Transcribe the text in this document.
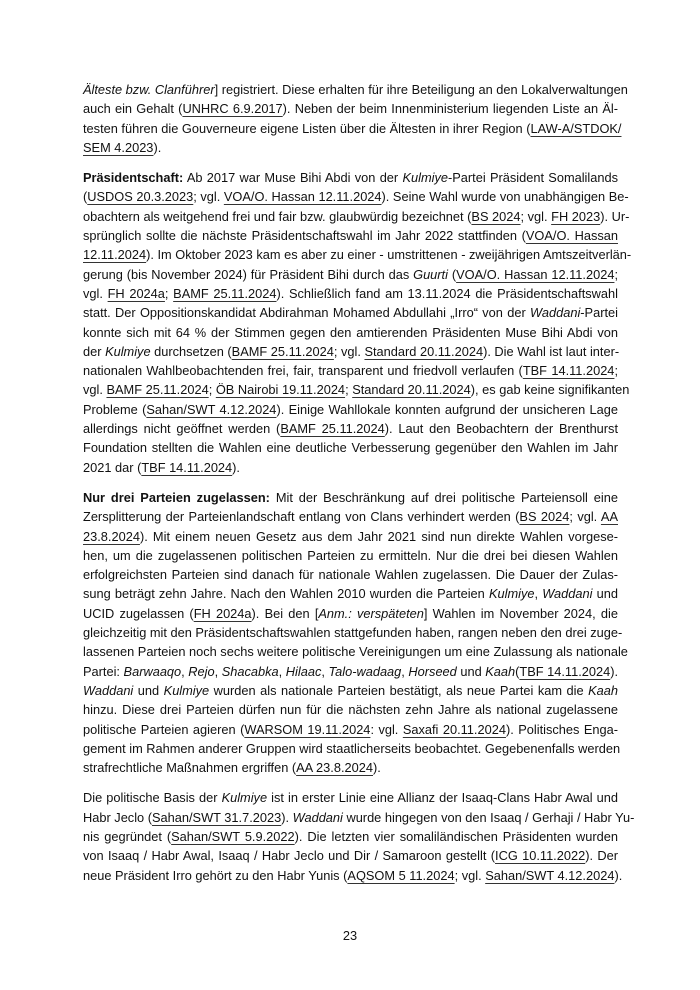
Älteste bzw. Clanführer] registriert. Diese erhalten für ihre Beteiligung an den Lokalverwaltungen
auch ein Gehalt (UNHRC 6.9.2017). Neben der beim Innenministerium liegenden Liste an Äl-
testen führen die Gouverneure eigene Listen über die Ältesten in ihrer Region (LAW-A/STDOK/
SEM 4.2023).

Präsidentschaft: Ab 2017 war Muse Bihi Abdi von der Kulmiye-Partei Präsident Somalilands
(USDOS 20.3.2023; vgl. VOA/O. Hassan 12.11.2024). Seine Wahl wurde von unabhängigen Be-
obachtern als weitgehend frei und fair bzw. glaubwürdig bezeichnet (BS 2024; vgl. FH 2023). Ur-
sprünglich sollte die nächste Präsidentschaftswahl im Jahr 2022 stattfinden (VOA/O. Hassan
12.11.2024). Im Oktober 2023 kam es aber zu einer - umstrittenen - zweijährigen Amtszeitverlän-
gerung (bis November 2024) für Präsident Bihi durch das Guurti (VOA/O. Hassan 12.11.2024;
vgl. FH 2024a; BAMF 25.11.2024). Schließlich fand am 13.11.2024 die Präsidentschaftswahl
statt. Der Oppositionskandidat Abdirahman Mohamed Abdullahi „Irro“ von der Waddani-Partei
konnte sich mit 64 % der Stimmen gegen den amtierenden Präsidenten Muse Bihi Abdi von
der Kulmiye durchsetzen (BAMF 25.11.2024; vgl. Standard 20.11.2024). Die Wahl ist laut inter-
nationalen Wahlbeobachtenden frei, fair, transparent und friedvoll verlaufen (TBF 14.11.2024;
vgl. BAMF 25.11.2024; ÖB Nairobi 19.11.2024; Standard 20.11.2024), es gab keine signifikanten
Probleme (Sahan/SWT 4.12.2024). Einige Wahllokale konnten aufgrund der unsicheren Lage
allerdings nicht geöffnet werden (BAMF 25.11.2024). Laut den Beobachtern der Brenthurst
Foundation stellten die Wahlen eine deutliche Verbesserung gegenüber den Wahlen im Jahr
2021 dar (TBF 14.11.2024).

Nur drei Parteien zugelassen: Mit der Beschränkung auf drei politische Parteiensoll eine
Zersplitterung der Parteienlandschaft entlang von Clans verhindert werden (BS 2024; vgl. AA
23.8.2024). Mit einem neuen Gesetz aus dem Jahr 2021 sind nun direkte Wahlen vorgese-
hen, um die zugelassenen politischen Parteien zu ermitteln. Nur die drei bei diesen Wahlen
erfolgreichsten Parteien sind danach für nationale Wahlen zugelassen. Die Dauer der Zulas-
sung beträgt zehn Jahre. Nach den Wahlen 2010 wurden die Parteien Kulmiye, Waddani und
UCID zugelassen (FH 2024a). Bei den [Anm.: verspäteten] Wahlen im November 2024, die
gleichzeitig mit den Präsidentschaftswahlen stattgefunden haben, rangen neben den drei zuge-
lassenen Parteien noch sechs weitere politische Vereinigungen um eine Zulassung als nationale
Partei: Barwaaqo, Rejo, Shacabka, Hilaac, Talo-wadaag, Horseed und Kaah(TBF 14.11.2024).
Waddani und Kulmiye wurden als nationale Parteien bestätigt, als neue Partei kam die Kaah
hinzu. Diese drei Parteien dürfen nun für die nächsten zehn Jahre als national zugelassene
politische Parteien agieren (WARSOM 19.11.2024: vgl. Saxafi 20.11.2024). Politisches Enga-
gement im Rahmen anderer Gruppen wird staatlicherseits beobachtet. Gegebenenfalls werden
strafrechtliche Maßnahmen ergriffen (AA 23.8.2024).

Die politische Basis der Kulmiye ist in erster Linie eine Allianz der Isaaq-Clans Habr Awal und
Habr Jeclo (Sahan/SWT 31.7.2023). Waddani wurde hingegen von den Isaaq / Gerhaji / Habr Yu-
nis gegründet (Sahan/SWT 5.9.2022). Die letzten vier somaliländischen Präsidenten wurden
von Isaaq / Habr Awal, Isaaq / Habr Jeclo und Dir / Samaroon gestellt (ICG 10.11.2022). Der
neue Präsident Irro gehört zu den Habr Yunis (AQSOM 5 11.2024; vgl. Sahan/SWT 4.12.2024).

23
